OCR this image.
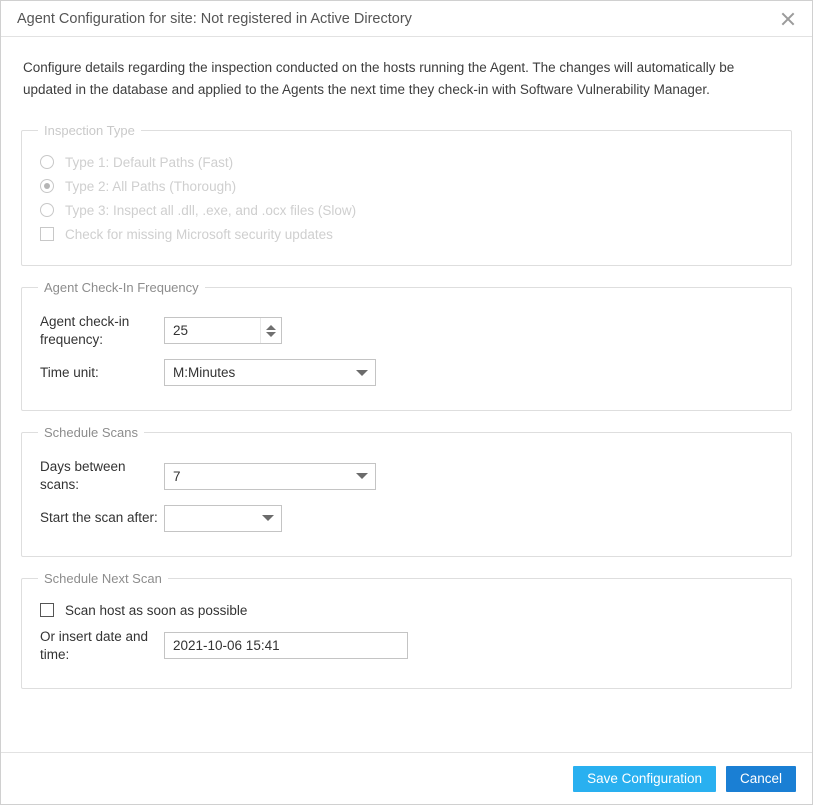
Agent Configuration for site: Not registered in Active Directory
Configure details regarding the inspection conducted on the hosts running the Agent. The changes will automatically be updated in the database and applied to the Agents the next time they check-in with Software Vulnerability Manager.
Inspection Type
Type 1: Default Paths (Fast)
Type 2: All Paths (Thorough)
Type 3: Inspect all .dll, .exe, and .ocx files (Slow)
Check for missing Microsoft security updates
Agent Check-In Frequency
Agent check-in frequency:
25
Time unit:	M:Minutes
Schedule Scans
Days between scans:
7
Start the scan after:
Schedule Next Scan
Scan host as soon as possible
Or insert date and time:
2021-10-06 15:41
Save Configuration	Cancel
